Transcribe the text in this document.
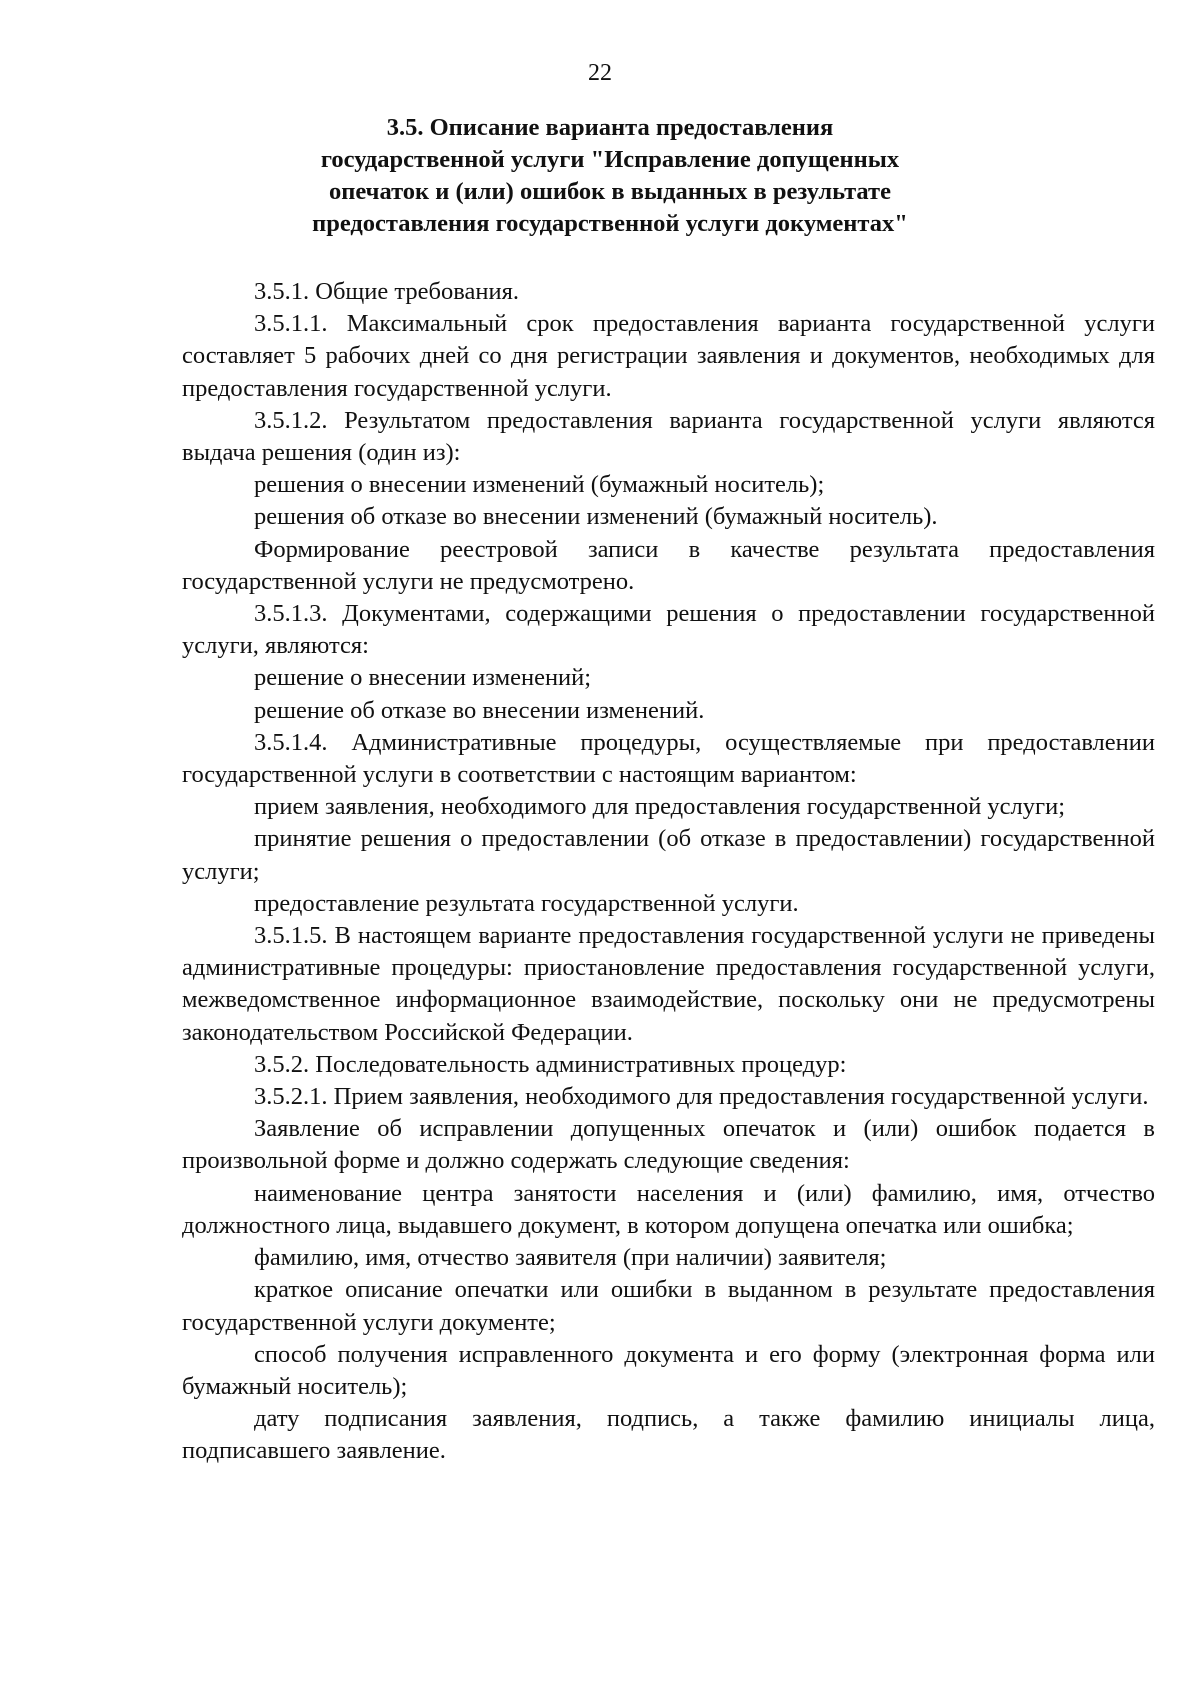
22
3.5. Описание варианта предоставления
государственной услуги "Исправление допущенных
опечаток и (или) ошибок в выданных в результате
предоставления государственной услуги документах"

3.5.1. Общие требования.

3.5.1.1. Максимальный срок предоставления варианта государственной услуги составляет 5 рабочих дней со дня регистрации заявления и документов, необходимых для предоставления государственной услуги.

3.5.1.2. Результатом предоставления варианта государственной услуги являются выдача решения (один из):

решения о внесении изменений (бумажный носитель);

решения об отказе во внесении изменений (бумажный носитель).

Формирование реестровой записи в качестве результата предоставления государственной услуги не предусмотрено.

3.5.1.3. Документами, содержащими решения о предоставлении государственной услуги, являются:

решение о внесении изменений;

решение об отказе во внесении изменений.

3.5.1.4. Административные процедуры, осуществляемые при предоставлении государственной услуги в соответствии с настоящим вариантом:

прием заявления, необходимого для предоставления государственной услуги;

принятие решения о предоставлении (об отказе в предоставлении) государственной услуги;

предоставление результата государственной услуги.

3.5.1.5. В настоящем варианте предоставления государственной услуги не приведены административные процедуры: приостановление предоставления государственной услуги, межведомственное информационное взаимодействие, поскольку они не предусмотрены законодательством Российской Федерации.

3.5.2. Последовательность административных процедур:

3.5.2.1. Прием заявления, необходимого для предоставления государственной услуги.

Заявление об исправлении допущенных опечаток и (или) ошибок подается в произвольной форме и должно содержать следующие сведения:

наименование центра занятости населения и (или) фамилию, имя, отчество должностного лица, выдавшего документ, в котором допущена опечатка или ошибка;

фамилию, имя, отчество заявителя (при наличии) заявителя;

краткое описание опечатки или ошибки в выданном в результате предоставления государственной услуги документе;

способ получения исправленного документа и его форму (электронная форма или бумажный носитель);

дату подписания заявления, подпись, а также фамилию инициалы лица, подписавшего заявление.
